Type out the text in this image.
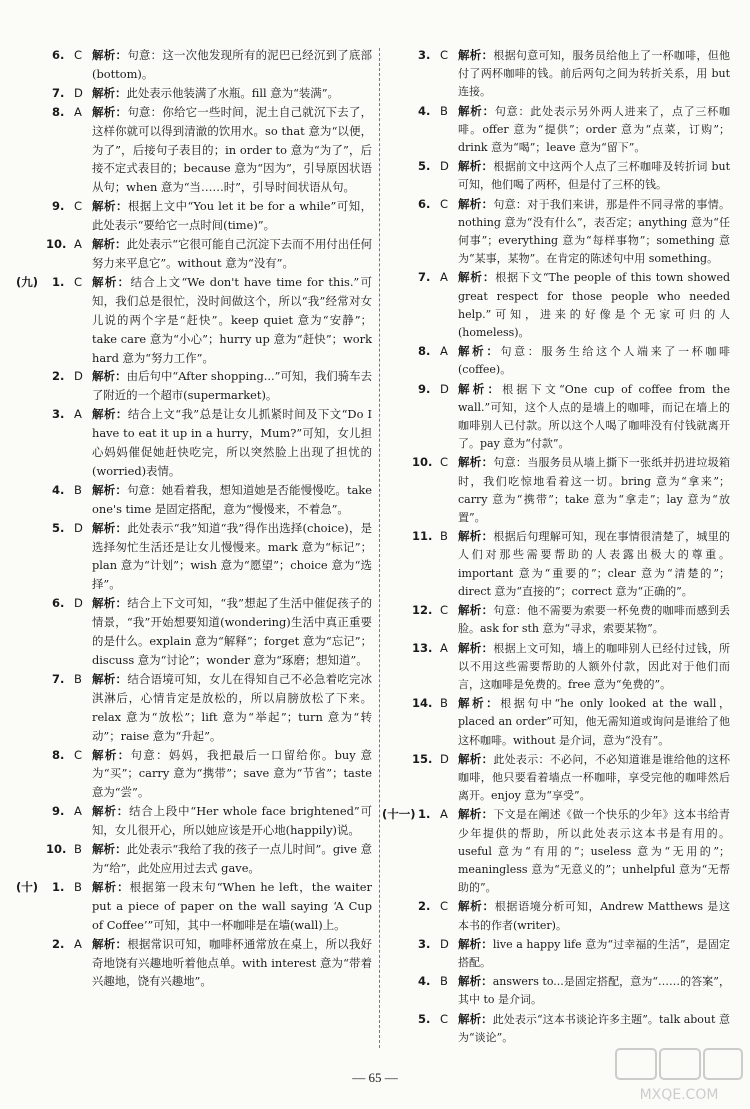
6. C 解析：句意：这一次他发现所有的泥巴已经沉到了底部(bottom)。
7. D 解析：此处表示他装满了水瓶。fill 意为“装满”。
8. A 解析：句意：你给它一些时间，泥土自己就沉下去了，这样你就可以得到清澈的饮用水。so that 意为“以便，为了”，后接句子表目的；in order to 意为“为了”，后接不定式表目的；because 意为“因为”，引导原因状语从句；when 意为“当……时”，引导时间状语从句。
9. C 解析：根据上文中“You let it be for a while”可知，此处表示“要给它一点时间(time)”。
10. A 解析：此处表示“它很可能自己沉淀下去而不用付出任何努力来平息它”。without 意为“没有”。
(九) 1. C 解析：结合上文“We don't have time for this.”可知，我们总是很忙，没时间做这个，所以“我”经常对女儿说的两个字是“赶快”。keep quiet 意为“安静”；take care 意为“小心”；hurry up 意为“赶快”；work hard 意为“努力工作”。
2. D 解析：由后句中“After shopping...”可知，我们骑车去了附近的一个超市(supermarket)。
3. A 解析：结合上文“我”总是让女儿抓紧时间及下文“Do I have to eat it up in a hurry，Mum?”可知，女儿担心妈妈催促她赶快吃完，所以突然脸上出现了担忧的(worried)表情。
4. B 解析：句意：她看着我，想知道她是否能慢慢吃。take one's time 是固定搭配，意为“慢慢来，不着急”。
5. D 解析：此处表示“我”知道“我”得作出选择(choice)，是选择匆忙生活还是让女儿慢慢来。mark 意为“标记”；plan 意为“计划”；wish 意为“愿望”；choice 意为“选择”。
6. D 解析：结合上下文可知，“我”想起了生活中催促孩子的情景，“我”开始想要知道(wondering)生活中真正重要的是什么。explain 意为“解释”；forget 意为“忘记”；discuss 意为“讨论”；wonder 意为“琢磨；想知道”。
7. B 解析：结合语境可知，女儿在得知自己不必急着吃完冰淇淋后，心情肯定是放松的，所以肩膀放松了下来。relax 意为“放松”；lift 意为“举起”；turn 意为“转动”；raise 意为“升起”。
8. C 解析：句意：妈妈，我把最后一口留给你。buy 意为“买”；carry 意为“携带”；save 意为“节省”；taste 意为“尝”。
9. A 解析：结合上段中“Her whole face brightened”可知，女儿很开心，所以她应该是开心地(happily)说。
10. B 解析：此处表示“我给了我的孩子一点儿时间”。give 意为“给”，此处应用过去式 gave。
(十) 1. B 解析：根据第一段末句“When he left，the waiter put a piece of paper on the wall saying ‘A Cup of Coffee’”可知，其中一杯咖啡是在墙(wall)上。
2. A 解析：根据常识可知，咖啡杯通常放在桌上，所以我好奇地饶有兴趣地听着他点单。with interest 意为“带着兴趣地，饶有兴趣地”。
3. C 解析：根据句意可知，服务员给他上了一杯咖啡，但他付了两杯咖啡的钱。前后两句之间为转折关系，用 but 连接。
4. B 解析：句意：此处表示另外两人进来了，点了三杯咖啡。offer 意为“提供”；order 意为“点菜，订购”；drink 意为“喝”；leave 意为“留下”。
5. D 解析：根据前文中这两个人点了三杯咖啡及转折词 but 可知，他们喝了两杯，但是付了三杯的钱。
6. C 解析：句意：对于我们来讲，那是件不同寻常的事情。nothing 意为“没有什么”，表否定；anything 意为“任何事”；everything 意为“每样事物”；something 意为“某事，某物”。在肯定的陈述句中用 something。
7. A 解析：根据下文“The people of this town showed great respect for those people who needed help.”可知，进来的好像是个无家可归的人(homeless)。
8. A 解析：句意：服务生给这个人端来了一杯咖啡(coffee)。
9. D 解析：根据下文“One cup of coffee from the wall.”可知，这个人点的是墙上的咖啡，而记在墙上的咖啡别人已付款。所以这个人喝了咖啡没有付钱就离开了。pay 意为“付款”。
10. C 解析：句意：当服务员从墙上撕下一张纸并扔进垃圾箱时，我们吃惊地看着这一切。bring 意为“拿来”；carry 意为“携带”；take 意为“拿走”；lay 意为“放置”。
11. B 解析：根据后句理解可知，现在事情很清楚了，城里的人们对那些需要帮助的人表露出极大的尊重。important 意为“重要的”；clear 意为“清楚的”；direct 意为“直接的”；correct 意为“正确的”。
12. C 解析：句意：他不需要为索要一杯免费的咖啡而感到丢脸。ask for sth 意为“寻求，索要某物”。
13. A 解析：根据上文可知，墙上的咖啡别人已经付过钱，所以不用这些需要帮助的人额外付款，因此对于他们而言，这咖啡是免费的。free 意为“免费的”。
14. B 解析：根据句中“he only looked at the wall，placed an order”可知，他无需知道或询问是谁给了他这杯咖啡。without 是介词，意为“没有”。
15. D 解析：此处表示：不必问，不必知道谁是谁给他的这杯咖啡，他只要看着墙点一杯咖啡，享受完他的咖啡然后离开。enjoy 意为“享受”。
(十一) 1. A 解析：下文是在阐述《做一个快乐的少年》这本书给青少年提供的帮助，所以此处表示这本书是有用的。useful 意为“有用的”；useless 意为“无用的”；meaningless 意为“无意义的”；unhelpful 意为“无帮助的”。
2. C 解析：根据语境分析可知，Andrew Matthews 是这本书的作者(writer)。
3. D 解析：live a happy life 意为“过幸福的生活”，是固定搭配。
4. B 解析：answers to...是固定搭配，意为“……的答案”，其中 to 是介词。
5. C 解析：此处表示“这本书谈论许多主题”。talk about 意为“谈论”。
— 65 —
MXQE.COM
